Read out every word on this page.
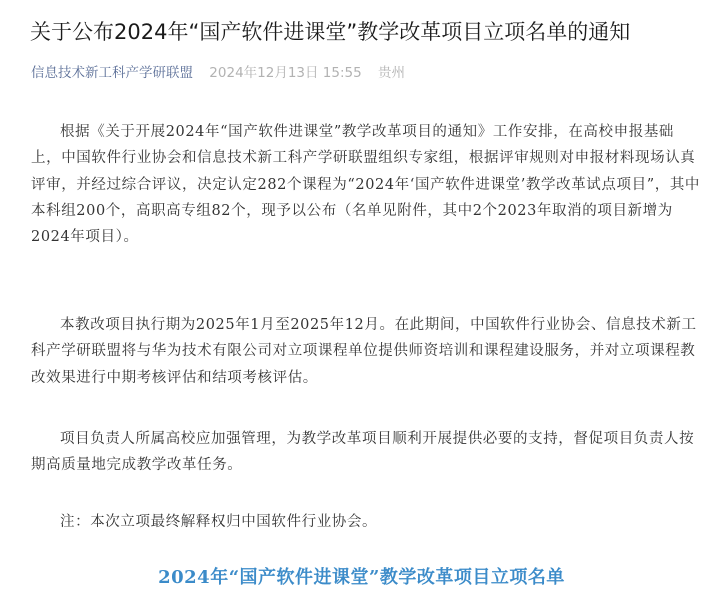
关于公布2024年“国产软件进课堂”教学改革项目立项名单的通知
信息技术新工科产学研联盟 2024年12月13日 15:55 贵州

根据《关于开展2024年“国产软件进课堂”教学改革项目的通知》工作安排，在高校申报基础上，中国软件行业协会和信息技术新工科产学研联盟组织专家组，根据评审规则对申报材料现场认真评审，并经过综合评议，决定认定282个课程为“2024年‘国产软件进课堂’教学改革试点项目”，其中本科组200个，高职高专组82个，现予以公布（名单见附件，其中2个2023年取消的项目新增为2024年项目）。

本教改项目执行期为2025年1月至2025年12月。在此期间，中国软件行业协会、信息技术新工科产学研联盟将与华为技术有限公司对立项课程单位提供师资培训和课程建设服务，并对立项课程教改效果进行中期考核评估和结项考核评估。

项目负责人所属高校应加强管理，为教学改革项目顺利开展提供必要的支持，督促项目负责人按期高质量地完成教学改革任务。

注：本次立项最终解释权归中国软件行业协会。

2024年“国产软件进课堂”教学改革项目立项名单
